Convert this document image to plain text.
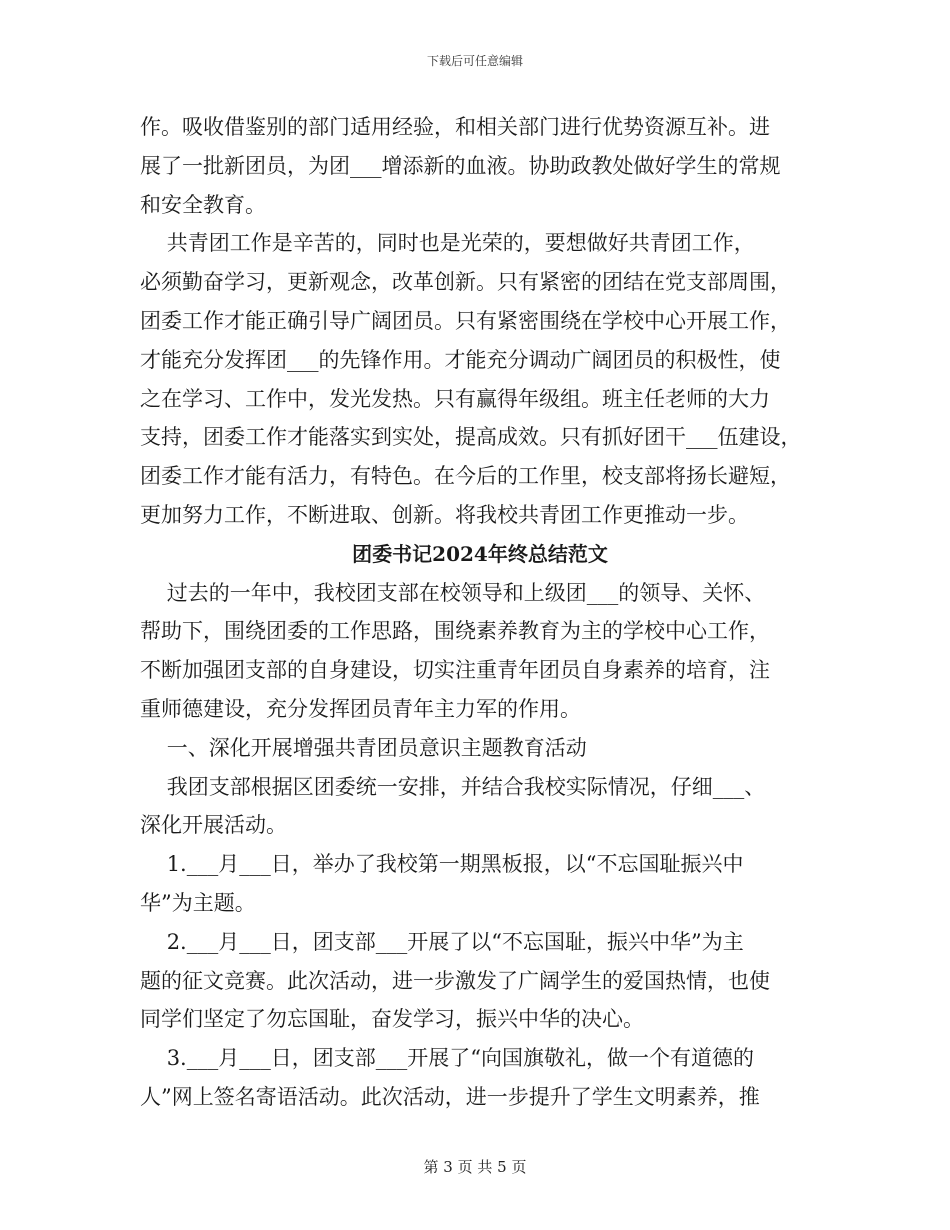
下载后可任意编辑
作。吸收借鉴别的部门适用经验，和相关部门进行优势资源互补。进
展了一批新团员，为团___增添新的血液。协助政教处做好学生的常规
和安全教育。
共青团工作是辛苦的，同时也是光荣的，要想做好共青团工作，
必须勤奋学习，更新观念，改革创新。只有紧密的团结在党支部周围，
团委工作才能正确引导广阔团员。只有紧密围绕在学校中心开展工作，
才能充分发挥团___的先锋作用。才能充分调动广阔团员的积极性，使
之在学习、工作中，发光发热。只有赢得年级组。班主任老师的大力
支持，团委工作才能落实到实处，提高成效。只有抓好团干___伍建设，
团委工作才能有活力，有特色。在今后的工作里，校支部将扬长避短，
更加努力工作，不断进取、创新。将我校共青团工作更推动一步。
团委书记2024年终总结范文
过去的一年中，我校团支部在校领导和上级团___的领导、关怀、
帮助下，围绕团委的工作思路，围绕素养教育为主的学校中心工作，
不断加强团支部的自身建设，切实注重青年团员自身素养的培育，注
重师德建设，充分发挥团员青年主力军的作用。
一、深化开展增强共青团员意识主题教育活动
我团支部根据区团委统一安排，并结合我校实际情况，仔细___、
深化开展活动。
1.___月___日，举办了我校第一期黑板报，以“不忘国耻振兴中
华”为主题。
2.___月___日，团支部___开展了以“不忘国耻，振兴中华”为主
题的征文竞赛。此次活动，进一步激发了广阔学生的爱国热情，也使
同学们坚定了勿忘国耻，奋发学习，振兴中华的决心。
3.___月___日，团支部___开展了“向国旗敬礼，做一个有道德的
人”网上签名寄语活动。此次活动，进一步提升了学生文明素养，推
第 3 页 共 5 页
